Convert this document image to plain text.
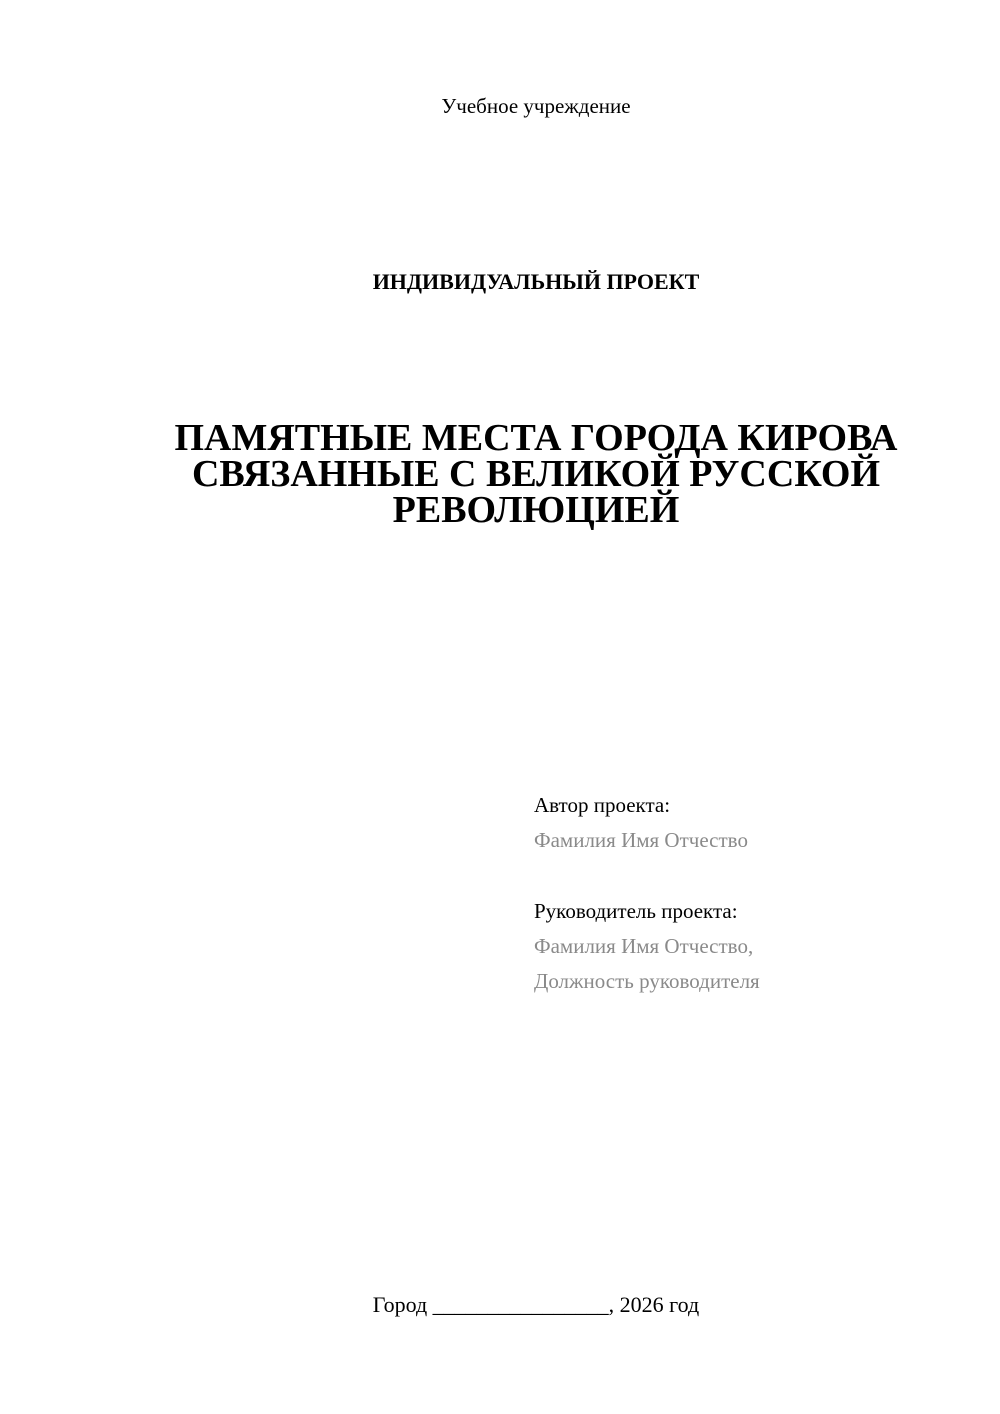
Учебное учреждение
ИНДИВИДУАЛЬНЫЙ ПРОЕКТ
ПАМЯТНЫЕ МЕСТА ГОРОДА КИРОВА
СВЯЗАННЫЕ С ВЕЛИКОЙ РУССКОЙ
РЕВОЛЮЦИЕЙ
Автор проекта:
Фамилия Имя Отчество
Руководитель проекта:
Фамилия Имя Отчество,
Должность руководителя
Город ________________, 2026 год
